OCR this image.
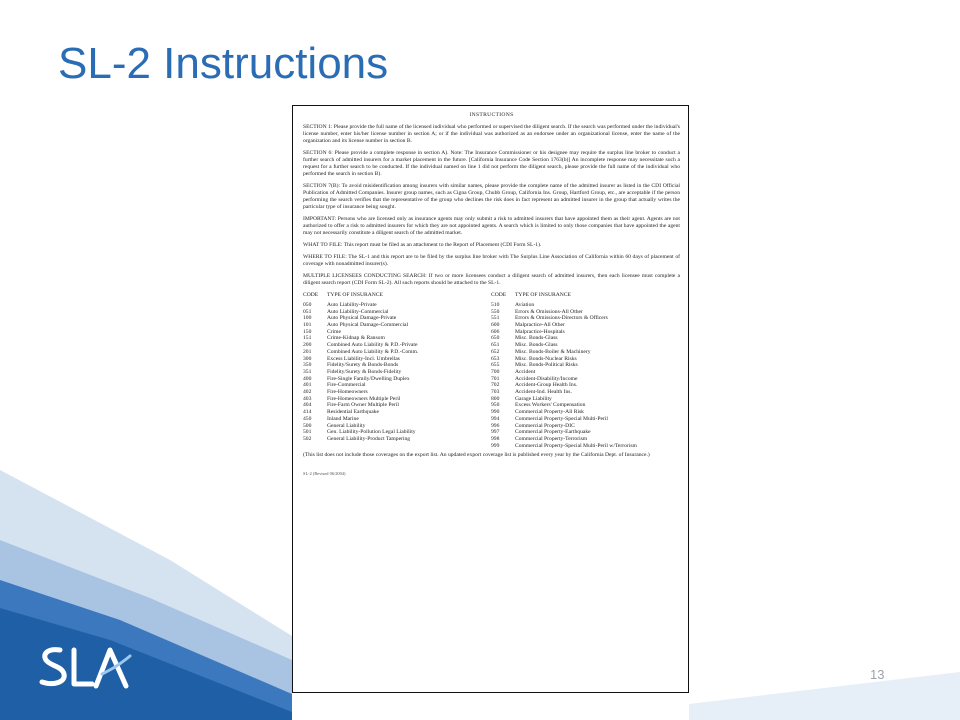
SL-2 Instructions
13
INSTRUCTIONS

SECTION 1: Please provide the full name of the licensed individual who performed or supervised the diligent search. If the search was performed under the individual's license number, enter his/her license number in section A; or if the individual was authorized as an endorsee under an organizational license, enter the name of the organization and its license number in section B.

SECTION 6: Please provide a complete response in section A). Note: The Insurance Commissioner or his designee may require the surplus line broker to conduct a further search of admitted insurers for a market placement in the future. [California Insurance Code Section 1763(b)] An incomplete response may necessitate such a request for a further search to be conducted. If the individual named on line 1 did not perform the diligent search, please provide the full name of the individual who performed the search in section B).

SECTION 7(B): To avoid misidentification among insurers with similar names, please provide the complete name of the admitted insurer as listed in the CDI Official Publication of Admitted Companies. Insurer group names, such as Cigna Group, Chubb Group, California Ins. Group, Hartford Group, etc., are acceptable if the person performing the search verifies that the representative of the group who declines the risk does in fact represent an admitted insurer in the group that actually writes the particular type of insurance being sought.

IMPORTANT: Persons who are licensed only as insurance agents may only submit a risk to admitted insurers that have appointed them as their agent. Agents are not authorized to offer a risk to admitted insurers for which they are not appointed agents. A search which is limited to only those companies that have appointed the agent may not necessarily constitute a diligent search of the admitted market.

WHAT TO FILE: This report must be filed as an attachment to the Report of Placement (CDI Form SL-1).

WHERE TO FILE: The SL-1 and this report are to be filed by the surplus line broker with The Surplus Line Association of California within 60 days of placement of coverage with nonadmitted insurer(s).

MULTIPLE LICENSEES CONDUCTING SEARCH: If two or more licensees conduct a diligent search of admitted insurers, then each licensee must complete a diligent search report (CDI Form SL-2). All such reports should be attached to the SL-1.

CODE	TYPE OF INSURANCE	CODE	TYPE OF INSURANCE
050	Auto Liability-Private	510	Aviation
051	Auto Liability-Commercial	550	Errors & Omissions-All Other
100	Auto Physical Damage-Private	551	Errors & Omissions-Directors & Officers
101	Auto Physical Damage-Commercial	600	Malpractice-All Other
150	Crime	606	Malpractice-Hospitals
151	Crime-Kidnap & Ransom	650	Misc. Bonds-Glass
200	Combined Auto Liability & P.D.-Private	651	Misc. Bonds-Glass
201	Combined Auto Liability & P.D.-Comm.	652	Misc. Bonds-Boiler & Machinery
300	Excess Liability-Incl. Umbrellas	653	Misc. Bonds-Nuclear Risks
350	Fidelity/Surety & Bonds-Bonds	655	Misc. Bonds-Political Risks
351	Fidelity/Surety & Bonds-Fidelity	700	Accident
400	Fire-Single Family/Dwelling Duplex	701	Accident-Disability/Income
401	Fire-Commercial	702	Accident-Group Health Ins.
402	Fire-Homeowners	703	Accident-Ind. Health Ins.
403	Fire-Homeowners Multiple Peril	800	Garage Liability
404	Fire-Farm Owner Multiple Peril	950	Excess Workers' Compensation
414	Residential Earthquake	990	Commercial Property-All Risk
450	Inland Marine	994	Commercial Property-Special Multi-Peril
500	General Liability	996	Commercial Property-DIC
501	Gen. Liability-Pollution Legal Liability	997	Commercial Property-Earthquake
502	General Liability-Product Tampering	998	Commercial Property-Terrorism
		999	Commercial Property-Special Multi-Peril w/Terrorism

(This list does not include those coverages on the export list. An updated export coverage list is published every year by the California Dept. of Insurance.)

SL-2 (Revised 06/2004)
